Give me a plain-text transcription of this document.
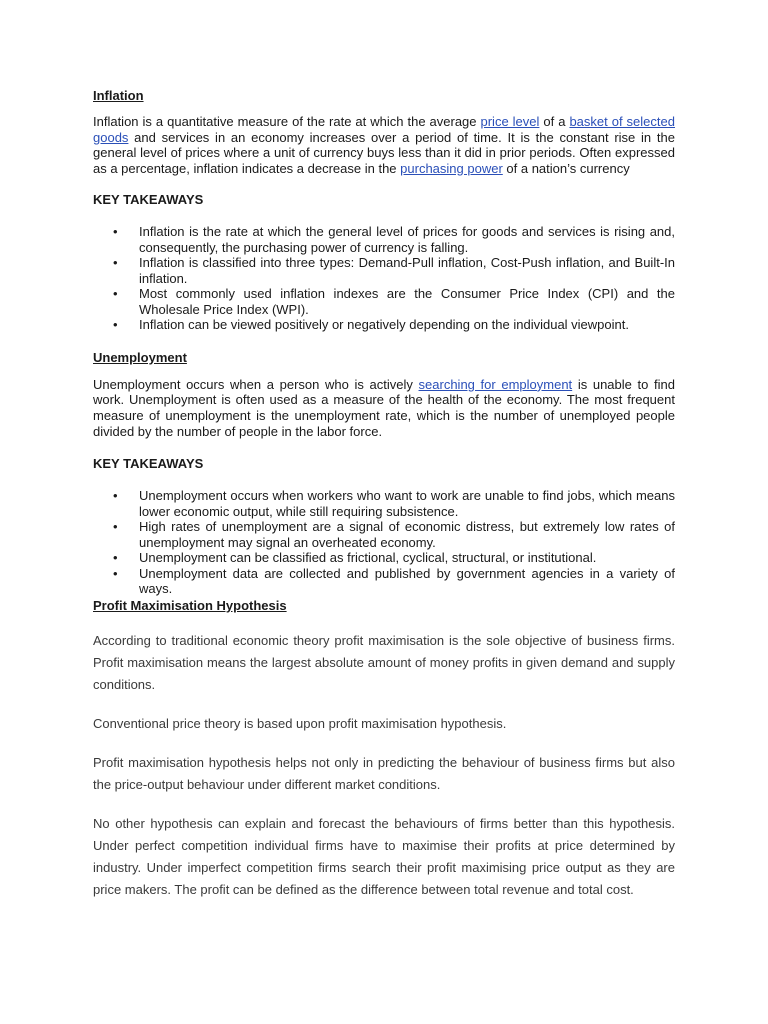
Inflation

Inflation is a quantitative measure of the rate at which the average price level of a basket of selected goods and services in an economy increases over a period of time. It is the constant rise in the general level of prices where a unit of currency buys less than it did in prior periods. Often expressed as a percentage, inflation indicates a decrease in the purchasing power of a nation’s currency

KEY TAKEAWAYS

• Inflation is the rate at which the general level of prices for goods and services is rising and, consequently, the purchasing power of currency is falling.
• Inflation is classified into three types: Demand-Pull inflation, Cost-Push inflation, and Built-In inflation.
• Most commonly used inflation indexes are the Consumer Price Index (CPI) and the Wholesale Price Index (WPI).
• Inflation can be viewed positively or negatively depending on the individual viewpoint.

Unemployment

Unemployment occurs when a person who is actively searching for employment is unable to find work. Unemployment is often used as a measure of the health of the economy. The most frequent measure of unemployment is the unemployment rate, which is the number of unemployed people divided by the number of people in the labor force.

KEY TAKEAWAYS

• Unemployment occurs when workers who want to work are unable to find jobs, which means lower economic output, while still requiring subsistence.
• High rates of unemployment are a signal of economic distress, but extremely low rates of unemployment may signal an overheated economy.
• Unemployment can be classified as frictional, cyclical, structural, or institutional.
• Unemployment data are collected and published by government agencies in a variety of ways.

Profit Maximisation Hypothesis

According to traditional economic theory profit maximisation is the sole objective of business firms. Profit maximisation means the largest absolute amount of money profits in given demand and supply conditions.

Conventional price theory is based upon profit maximisation hypothesis.

Profit maximisation hypothesis helps not only in predicting the behaviour of business firms but also the price-output behaviour under different market conditions.

No other hypothesis can explain and forecast the behaviours of firms better than this hypothesis. Under perfect competition individual firms have to maximise their profits at price determined by industry. Under imperfect competition firms search their profit maximising price output as they are price makers. The profit can be defined as the difference between total revenue and total cost.
